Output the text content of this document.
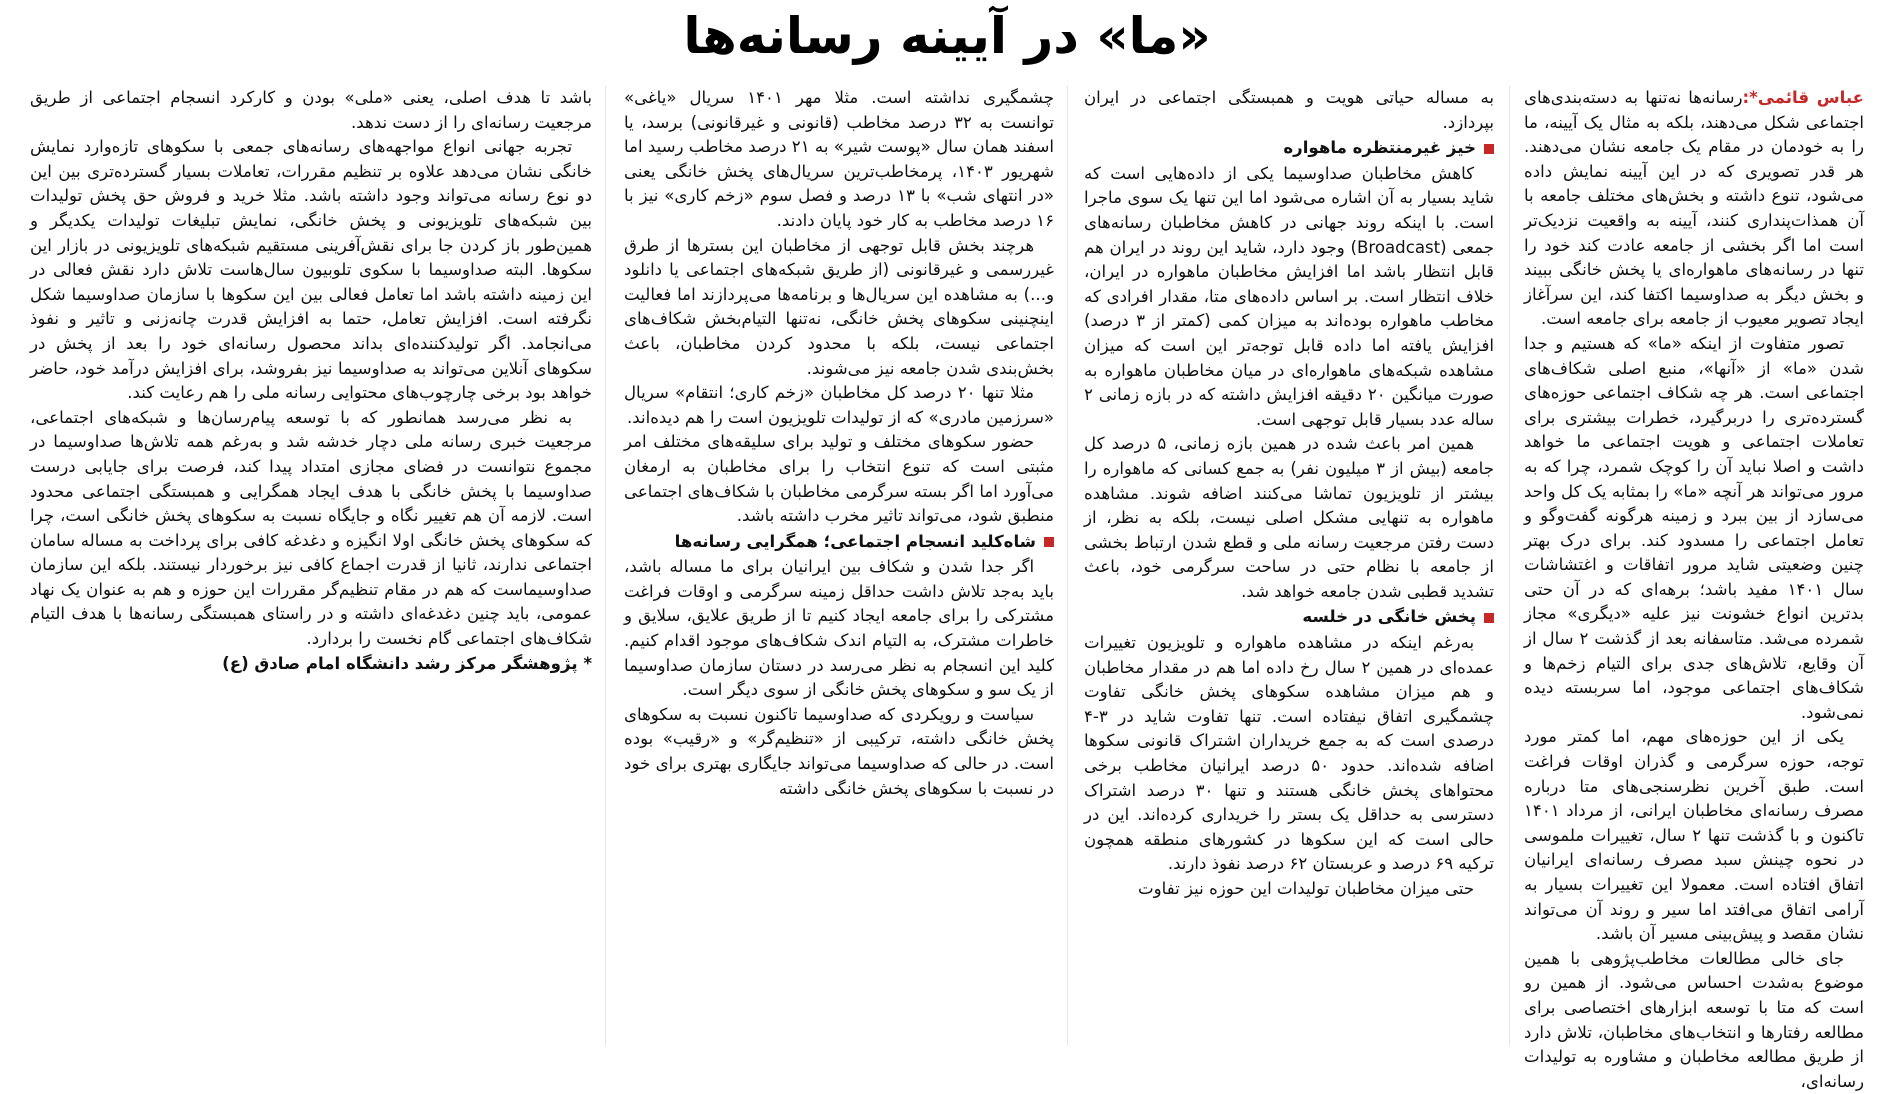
«ما» در آیینه رسانه‌ها

عباس قائمی*:رسانه‌ها نه‌تنها به دسته‌بندی‌های اجتماعی شکل می‌دهند، بلکه به مثال یک آیینه، ما را به خودمان در مقام یک جامعه نشان می‌دهند. هر قدر تصویری که در این آیینه نمایش داده می‌شود، تنوع داشته و بخش‌های مختلف جامعه با آن همذات‌پنداری کنند، آیینه به واقعیت نزدیک‌تر است اما اگر بخشی از جامعه عادت کند خود را تنها در رسانه‌های ماهواره‌ای یا پخش خانگی ببیند و بخش دیگر به صداوسیما اکتفا کند، این سرآغاز ایجاد تصویر معیوب از جامعه برای جامعه است.

تصور متفاوت از اینکه «ما» که هستیم و جدا شدن «ما» از «آنها»، منبع اصلی شکاف‌های اجتماعی است. هر چه شکاف اجتماعی حوزه‌های گسترده‌تری را دربرگیرد، خطرات بیشتری برای تعاملات اجتماعی و هویت اجتماعی ما خواهد داشت و اصلا نباید آن را کوچک شمرد، چرا که به مرور می‌تواند هر آنچه «ما» را بمثابه یک کل واحد می‌سازد از بین ببرد و زمینه هرگونه گفت‌وگو و تعامل اجتماعی را مسدود کند. برای درک بهتر چنین وضعیتی شاید مرور اتفاقات و اغتشاشات سال ۱۴۰۱ مفید باشد؛ برهه‌ای که در آن حتی بدترین انواع خشونت نیز علیه «دیگری» مجاز شمرده می‌شد. متاسفانه بعد از گذشت ۲ سال از آن وقایع، تلاش‌های جدی برای التیام زخم‌ها و شکاف‌های اجتماعی موجود، اما سربسته دیده نمی‌شود.

یکی از این حوزه‌های مهم، اما کمتر مورد توجه، حوزه سرگرمی و گذران اوقات فراغت است. طبق آخرین نظرسنجی‌های متا درباره مصرف رسانه‌ای مخاطبان ایرانی، از مرداد ۱۴۰۱ تاکنون و با گذشت تنها ۲ سال، تغییرات ملموسی در نحوه چینش سبد مصرف رسانه‌ای ایرانیان اتفاق افتاده است. معمولا این تغییرات بسیار به آرامی اتفاق می‌افتد اما سیر و روند آن می‌تواند نشان مقصد و پیش‌بینی مسیر آن باشد.

جای خالی مطالعات مخاطب‌پژوهی با همین موضوع به‌شدت احساس می‌شود. از همین رو است که متا با توسعه ابزارهای اختصاصی برای مطالعه رفتارها و انتخاب‌های مخاطبان، تلاش دارد از طریق مطالعه مخاطبان و مشاوره به تولیدات رسانه‌ای،

به مساله حیاتی هویت و همبستگی اجتماعی در ایران بپردازد.

خیز غیرمنتظره ماهواره

کاهش مخاطبان صداوسیما یکی از داده‌هایی است که شاید بسیار به آن اشاره می‌شود اما این تنها یک سوی ماجرا است. با اینکه روند جهانی در کاهش مخاطبان رسانه‌های جمعی (Broadcast) وجود دارد، شاید این روند در ایران هم قابل انتظار باشد اما افزایش مخاطبان ماهواره در ایران، خلاف انتظار است. بر اساس داده‌های متا، مقدار افرادی که مخاطب ماهواره بوده‌اند به میزان کمی (کمتر از ۳ درصد) افزایش یافته اما داده قابل توجه‌تر این است که میزان مشاهده شبکه‌های ماهواره‌ای در میان مخاطبان ماهواره به صورت میانگین ۲۰ دقیقه افزایش داشته که در بازه زمانی ۲ ساله عدد بسیار قابل توجهی است.

همین امر باعث شده در همین بازه زمانی، ۵ درصد کل جامعه (بیش از ۳ میلیون نفر) به جمع کسانی که ماهواره را بیشتر از تلویزیون تماشا می‌کنند اضافه شوند. مشاهده ماهواره به تنهایی مشکل اصلی نیست، بلکه به نظر، از دست رفتن مرجعیت رسانه ملی و قطع شدن ارتباط بخشی از جامعه با نظام حتی در ساحت سرگرمی خود، باعث تشدید قطبی شدن جامعه خواهد شد.

پخش خانگی در خلسه

به‌رغم اینکه در مشاهده ماهواره و تلویزیون تغییرات عمده‌ای در همین ۲ سال رخ داده اما هم در مقدار مخاطبان و هم میزان مشاهده سکوهای پخش خانگی تفاوت چشمگیری اتفاق نیفتاده است. تنها تفاوت شاید در ۳-۴ درصدی است که به جمع خریداران اشتراک قانونی سکوها اضافه شده‌اند. حدود ۵۰ درصد ایرانیان مخاطب برخی محتواهای پخش خانگی هستند و تنها ۳۰ درصد اشتراک دسترسی به حداقل یک بستر را خریداری کرده‌اند. این در حالی است که این سکوها در کشورهای منطقه همچون ترکیه ۶۹ درصد و عربستان ۶۲ درصد نفوذ دارند.

حتی میزان مخاطبان تولیدات این حوزه نیز تفاوت

چشمگیری نداشته است. مثلا مهر ۱۴۰۱ سریال «یاغی» توانست به ۳۲ درصد مخاطب (قانونی و غیرقانونی) برسد، یا اسفند همان سال «پوست شیر» به ۲۱ درصد مخاطب رسید اما شهریور ۱۴۰۳، پرمخاطب‌ترین سریال‌های پخش خانگی یعنی «در انتهای شب» با ۱۳ درصد و فصل سوم «زخم کاری» نیز با ۱۶ درصد مخاطب به کار خود پایان دادند.

هرچند بخش قابل توجهی از مخاطبان این بسترها از طرق غیررسمی و غیرقانونی (از طریق شبکه‌های اجتماعی یا دانلود و...) به مشاهده این سریال‌ها و برنامه‌ها می‌پردازند اما فعالیت اینچنینی سکوهای پخش خانگی، نه‌تنها التیام‌بخش شکاف‌های اجتماعی نیست، بلکه با محدود کردن مخاطبان، باعث بخش‌بندی شدن جامعه نیز می‌شوند.

مثلا تنها ۲۰ درصد کل مخاطبان «زخم کاری؛ انتقام» سریال «سرزمین مادری» که از تولیدات تلویزیون است را هم دیده‌اند.

حضور سکوهای مختلف و تولید برای سلیقه‌های مختلف امر مثبتی است که تنوع انتخاب را برای مخاطبان به ارمغان می‌آورد اما اگر بسته سرگرمی مخاطبان با شکاف‌های اجتماعی منطبق شود، می‌تواند تاثیر مخرب داشته باشد.

شاه‌کلید انسجام اجتماعی؛ همگرایی رسانه‌ها

اگر جدا شدن و شکاف بین ایرانیان برای ما مساله باشد، باید به‌جد تلاش داشت حداقل زمینه سرگرمی و اوقات فراغت مشترکی را برای جامعه ایجاد کنیم تا از طریق علایق، سلایق و خاطرات مشترک، به التیام اندک شکاف‌های موجود اقدام کنیم. کلید این انسجام به نظر می‌رسد در دستان سازمان صداوسیما از یک سو و سکوهای پخش خانگی از سوی دیگر است.

سیاست و رویکردی که صداوسیما تاکنون نسبت به سکوهای پخش خانگی داشته، ترکیبی از «تنظیم‌گر» و «رقیب» بوده است. در حالی که صداوسیما می‌تواند جایگاری بهتری برای خود در نسبت با سکوهای پخش خانگی داشته

باشد تا هدف اصلی، یعنی «ملی» بودن و کارکرد انسجام اجتماعی از طریق مرجعیت رسانه‌ای را از دست ندهد.

تجربه جهانی انواع مواجهه‌های رسانه‌های جمعی با سکوهای تازه‌وارد نمایش خانگی نشان می‌دهد علاوه بر تنظیم مقررات، تعاملات بسیار گسترده‌تری بین این دو نوع رسانه می‌تواند وجود داشته باشد. مثلا خرید و فروش حق پخش تولیدات بین شبکه‌های تلویزیونی و پخش خانگی، نمایش تبلیغات تولیدات یکدیگر و همین‌طور باز کردن جا برای نقش‌آفرینی مستقیم شبکه‌های تلویزیونی در بازار این سکوها. البته صداوسیما با سکوی تلوبیون سال‌هاست تلاش دارد نقش فعالی در این زمینه داشته باشد اما تعامل فعالی بین این سکوها با سازمان صداوسیما شکل نگرفته است. افزایش تعامل، حتما به افزایش قدرت چانه‌زنی و تاثیر و نفوذ می‌انجامد. اگر تولیدکننده‌ای بداند محصول رسانه‌ای خود را بعد از پخش در سکوهای آنلاین می‌تواند به صداوسیما نیز بفروشد، برای افزایش درآمد خود، حاضر خواهد بود برخی چارچوب‌های محتوایی رسانه ملی را هم رعایت کند.

به نظر می‌رسد همانطور که با توسعه پیام‌رسان‌ها و شبکه‌های اجتماعی، مرجعیت خبری رسانه ملی دچار خدشه شد و به‌رغم همه تلاش‌ها صداوسیما در مجموع نتوانست در فضای مجازی امتداد پیدا کند، فرصت برای جایابی درست صداوسیما با پخش خانگی با هدف ایجاد همگرایی و همبستگی اجتماعی محدود است. لازمه آن هم تغییر نگاه و جایگاه نسبت به سکوهای پخش خانگی است، چرا که سکوهای پخش خانگی اولا انگیزه و دغدغه کافی برای پرداخت به مساله سامان اجتماعی ندارند، ثانیا از قدرت اجماع کافی نیز برخوردار نیستند. بلکه این سازمان صداوسیماست که هم در مقام تنظیم‌گر مقررات این حوزه و هم به عنوان یک نهاد عمومی، باید چنین دغدغه‌ای داشته و در راستای همبستگی رسانه‌ها با هدف التیام شکاف‌های اجتماعی گام نخست را بردارد.

* پژوهشگر مرکز رشد دانشگاه امام صادق (ع)
